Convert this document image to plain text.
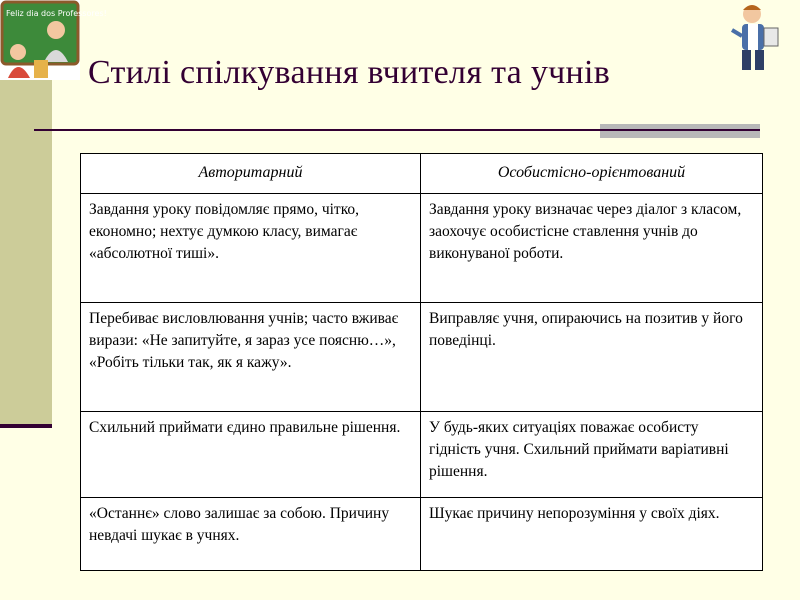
Feliz dia dos Professores!
Стилі спілкування вчителя та учнів
Авторитарний	Особистісно-орієнтований
Завдання уроку повідомляє прямо, чітко, економно; нехтує думкою класу, вимагає «абсолютної тиші».	Завдання уроку визначає через діалог з класом, заохочує особистісне ставлення учнів до виконуваної роботи.
Перебиває висловлювання учнів; часто вживає вирази: «Не запитуйте, я зараз усе поясню…», «Робіть тільки так, як я кажу».	Виправляє учня, опираючись на позитив у його поведінці.
Схильний приймати єдино правильне рішення.	У будь-яких ситуаціях поважає особисту гідність учня. Схильний приймати варіативні рішення.
«Останнє» слово залишає за собою. Причину невдачі шукає в учнях.	Шукає причину непорозуміння у своїх діях.
